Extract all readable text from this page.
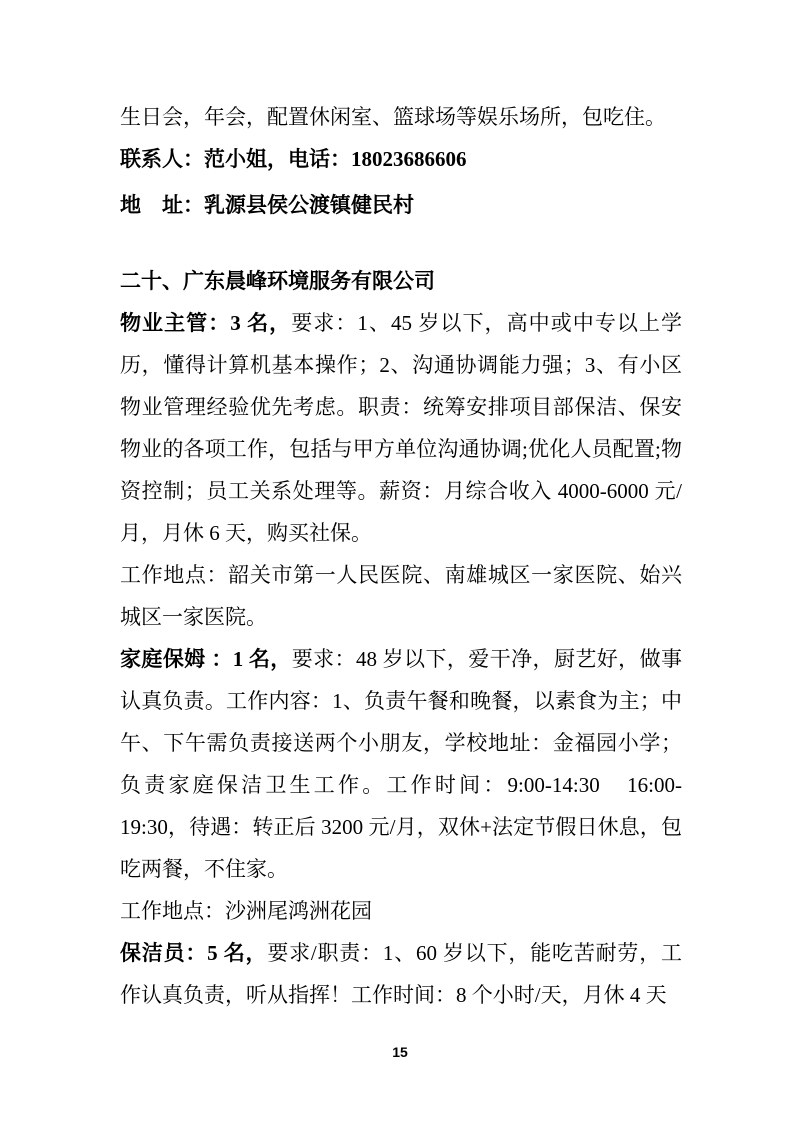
生日会，年会，配置休闲室、篮球场等娱乐场所，包吃住。

联系人：范小姐，电话：18023686606

地　址：乳源县侯公渡镇健民村

二十、广东晨峰环境服务有限公司

物业主管：3 名，要求：1、45 岁以下，高中或中专以上学历，懂得计算机基本操作；2、沟通协调能力强；3、有小区物业管理经验优先考虑。职责：统筹安排项目部保洁、保安物业的各项工作，包括与甲方单位沟通协调;优化人员配置;物资控制；员工关系处理等。薪资：月综合收入 4000-6000 元/月，月休 6 天，购买社保。

工作地点：韶关市第一人民医院、南雄城区一家医院、始兴城区一家医院。

家庭保姆 ：1 名，要求：48 岁以下，爱干净，厨艺好，做事认真负责。工作内容：1、负责午餐和晚餐，以素食为主；中午、下午需负责接送两个小朋友，学校地址：金福园小学；负责家庭保洁卫生工作。工作时间：9:00-14:30　16:00-19:30，待遇：转正后 3200 元/月，双休+法定节假日休息，包吃两餐，不住家。

工作地点：沙洲尾鸿洲花园

保洁员：5 名，要求/职责：1、60 岁以下，能吃苦耐劳，工作认真负责，听从指挥！工作时间：8 个小时/天，月休 4 天

15
